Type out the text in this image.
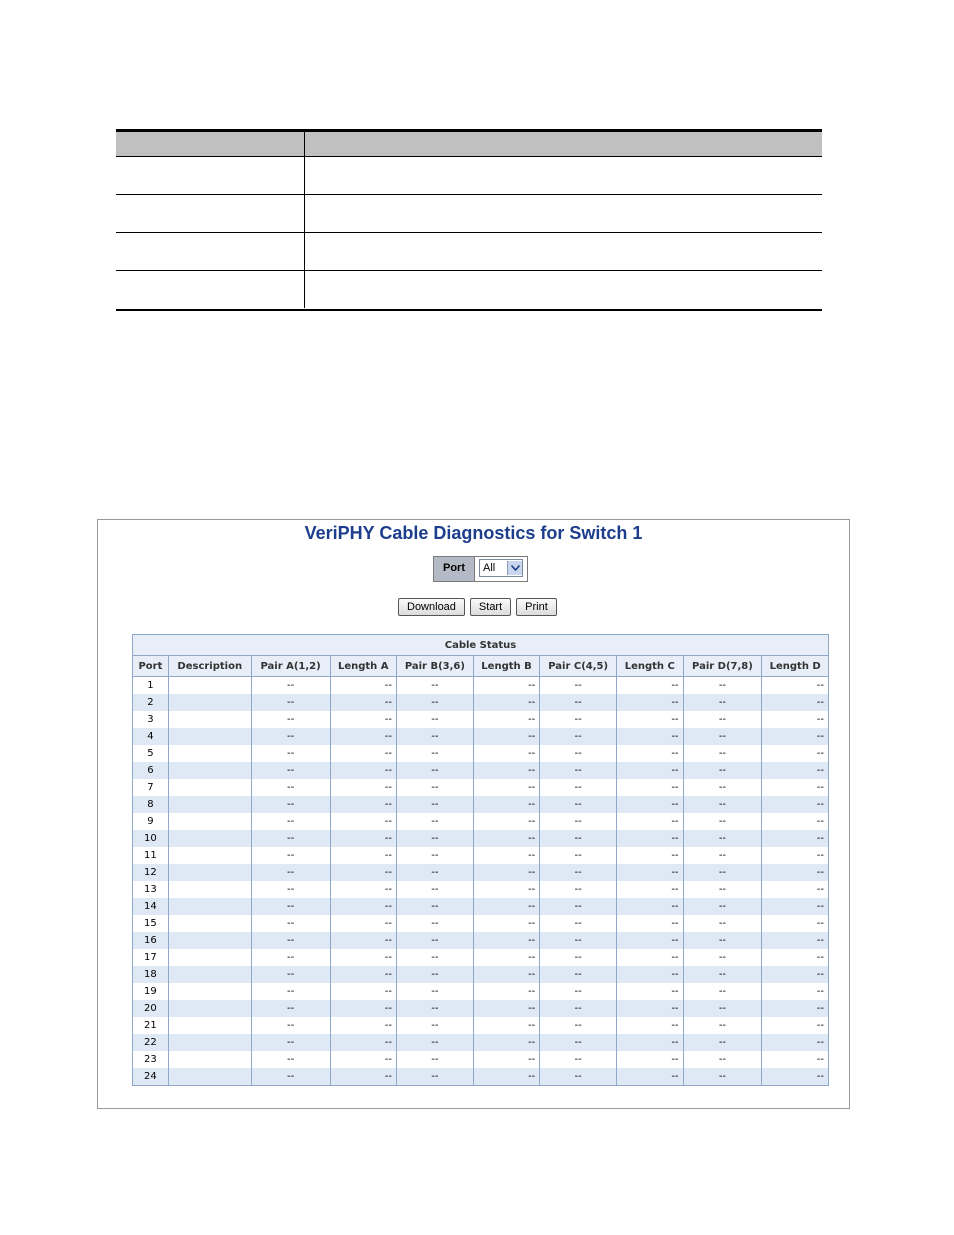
VeriPHY Cable Diagnostics for Switch 1
Port	All
Download	Start	Print
Cable Status									
Port	Description	Pair A(1,2)	Length A	Pair B(3,6)	Length B	Pair C(4,5)	Length C	Pair D(7,8)	Length D
1		--	--	--	--	--	--	--	--
2		--	--	--	--	--	--	--	--
3		--	--	--	--	--	--	--	--
4		--	--	--	--	--	--	--	--
5		--	--	--	--	--	--	--	--
6		--	--	--	--	--	--	--	--
7		--	--	--	--	--	--	--	--
8		--	--	--	--	--	--	--	--
9		--	--	--	--	--	--	--	--
10		--	--	--	--	--	--	--	--
11		--	--	--	--	--	--	--	--
12		--	--	--	--	--	--	--	--
13		--	--	--	--	--	--	--	--
14		--	--	--	--	--	--	--	--
15		--	--	--	--	--	--	--	--
16		--	--	--	--	--	--	--	--
17		--	--	--	--	--	--	--	--
18		--	--	--	--	--	--	--	--
19		--	--	--	--	--	--	--	--
20		--	--	--	--	--	--	--	--
21		--	--	--	--	--	--	--	--
22		--	--	--	--	--	--	--	--
23		--	--	--	--	--	--	--	--
24		--	--	--	--	--	--	--	--
